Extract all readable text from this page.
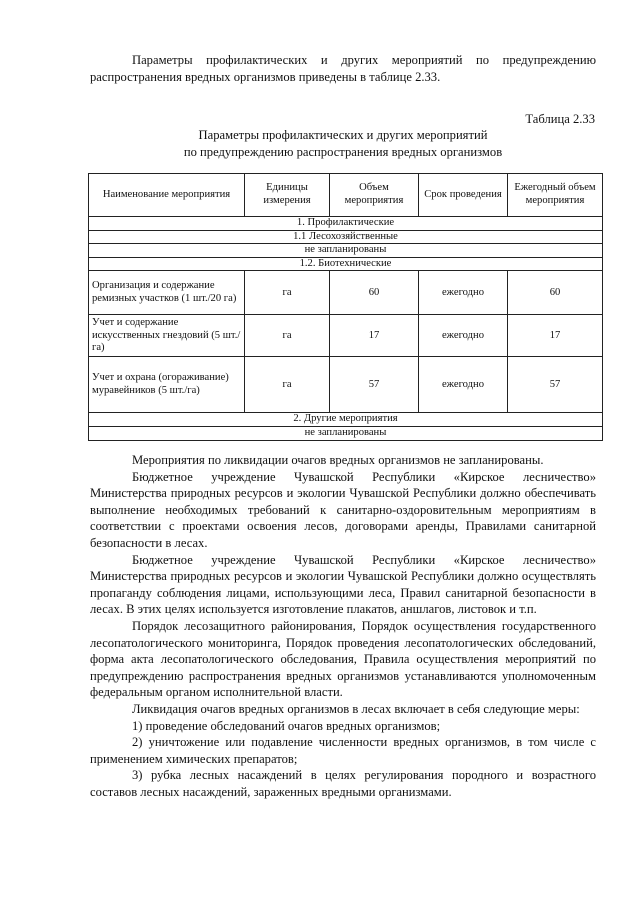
Параметры профилактических и других мероприятий по предупреждению распространения вредных организмов приведены в таблице 2.33.

Таблица 2.33
Параметры профилактических и других мероприятий
по предупреждению распространения вредных организмов
Наименование мероприятия	Единицы измерения	Объем мероприятия	Срок проведения	Ежегодный объем мероприятия
1. Профилактические				
1.1 Лесохозяйственные				
не запланированы				
1.2. Биотехнические				
Организация и содержание ремизных участков (1 шт./20 га)	га	60	ежегодно	60
Учет и содержание искусственных гнездовий (5 шт./га)	га	17	ежегодно	17
Учет и охрана (огораживание) муравейников (5 шт./га)	га	57	ежегодно	57
2. Другие мероприятия				
не запланированы				

Мероприятия по ликвидации очагов вредных организмов не запланированы.

Бюджетное учреждение Чувашской Республики «Кирское лесничество» Министерства природных ресурсов и экологии Чувашской Республики должно обеспечивать выполнение необходимых требований к санитарно-оздоровительным мероприятиям в соответствии с проектами освоения лесов, договорами аренды, Правилами санитарной безопасности в лесах.

Бюджетное учреждение Чувашской Республики «Кирское лесничество» Министерства природных ресурсов и экологии Чувашской Республики должно осуществлять пропаганду соблюдения лицами, использующими леса, Правил санитарной безопасности в лесах. В этих целях используется изготовление плакатов, аншлагов, листовок и т.п.

Порядок лесозащитного районирования, Порядок осуществления государственного лесопатологического мониторинга, Порядок проведения лесопатологических обследований, форма акта лесопатологического обследования, Правила осуществления мероприятий по предупреждению распространения вредных организмов устанавливаются уполномоченным федеральным органом исполнительной власти.

Ликвидация очагов вредных организмов в лесах включает в себя следующие меры:

1) проведение обследований очагов вредных организмов;

2) уничтожение или подавление численности вредных организмов, в том числе с применением химических препаратов;

3) рубка лесных насаждений в целях регулирования породного и возрастного составов лесных насаждений, зараженных вредными организмами.
